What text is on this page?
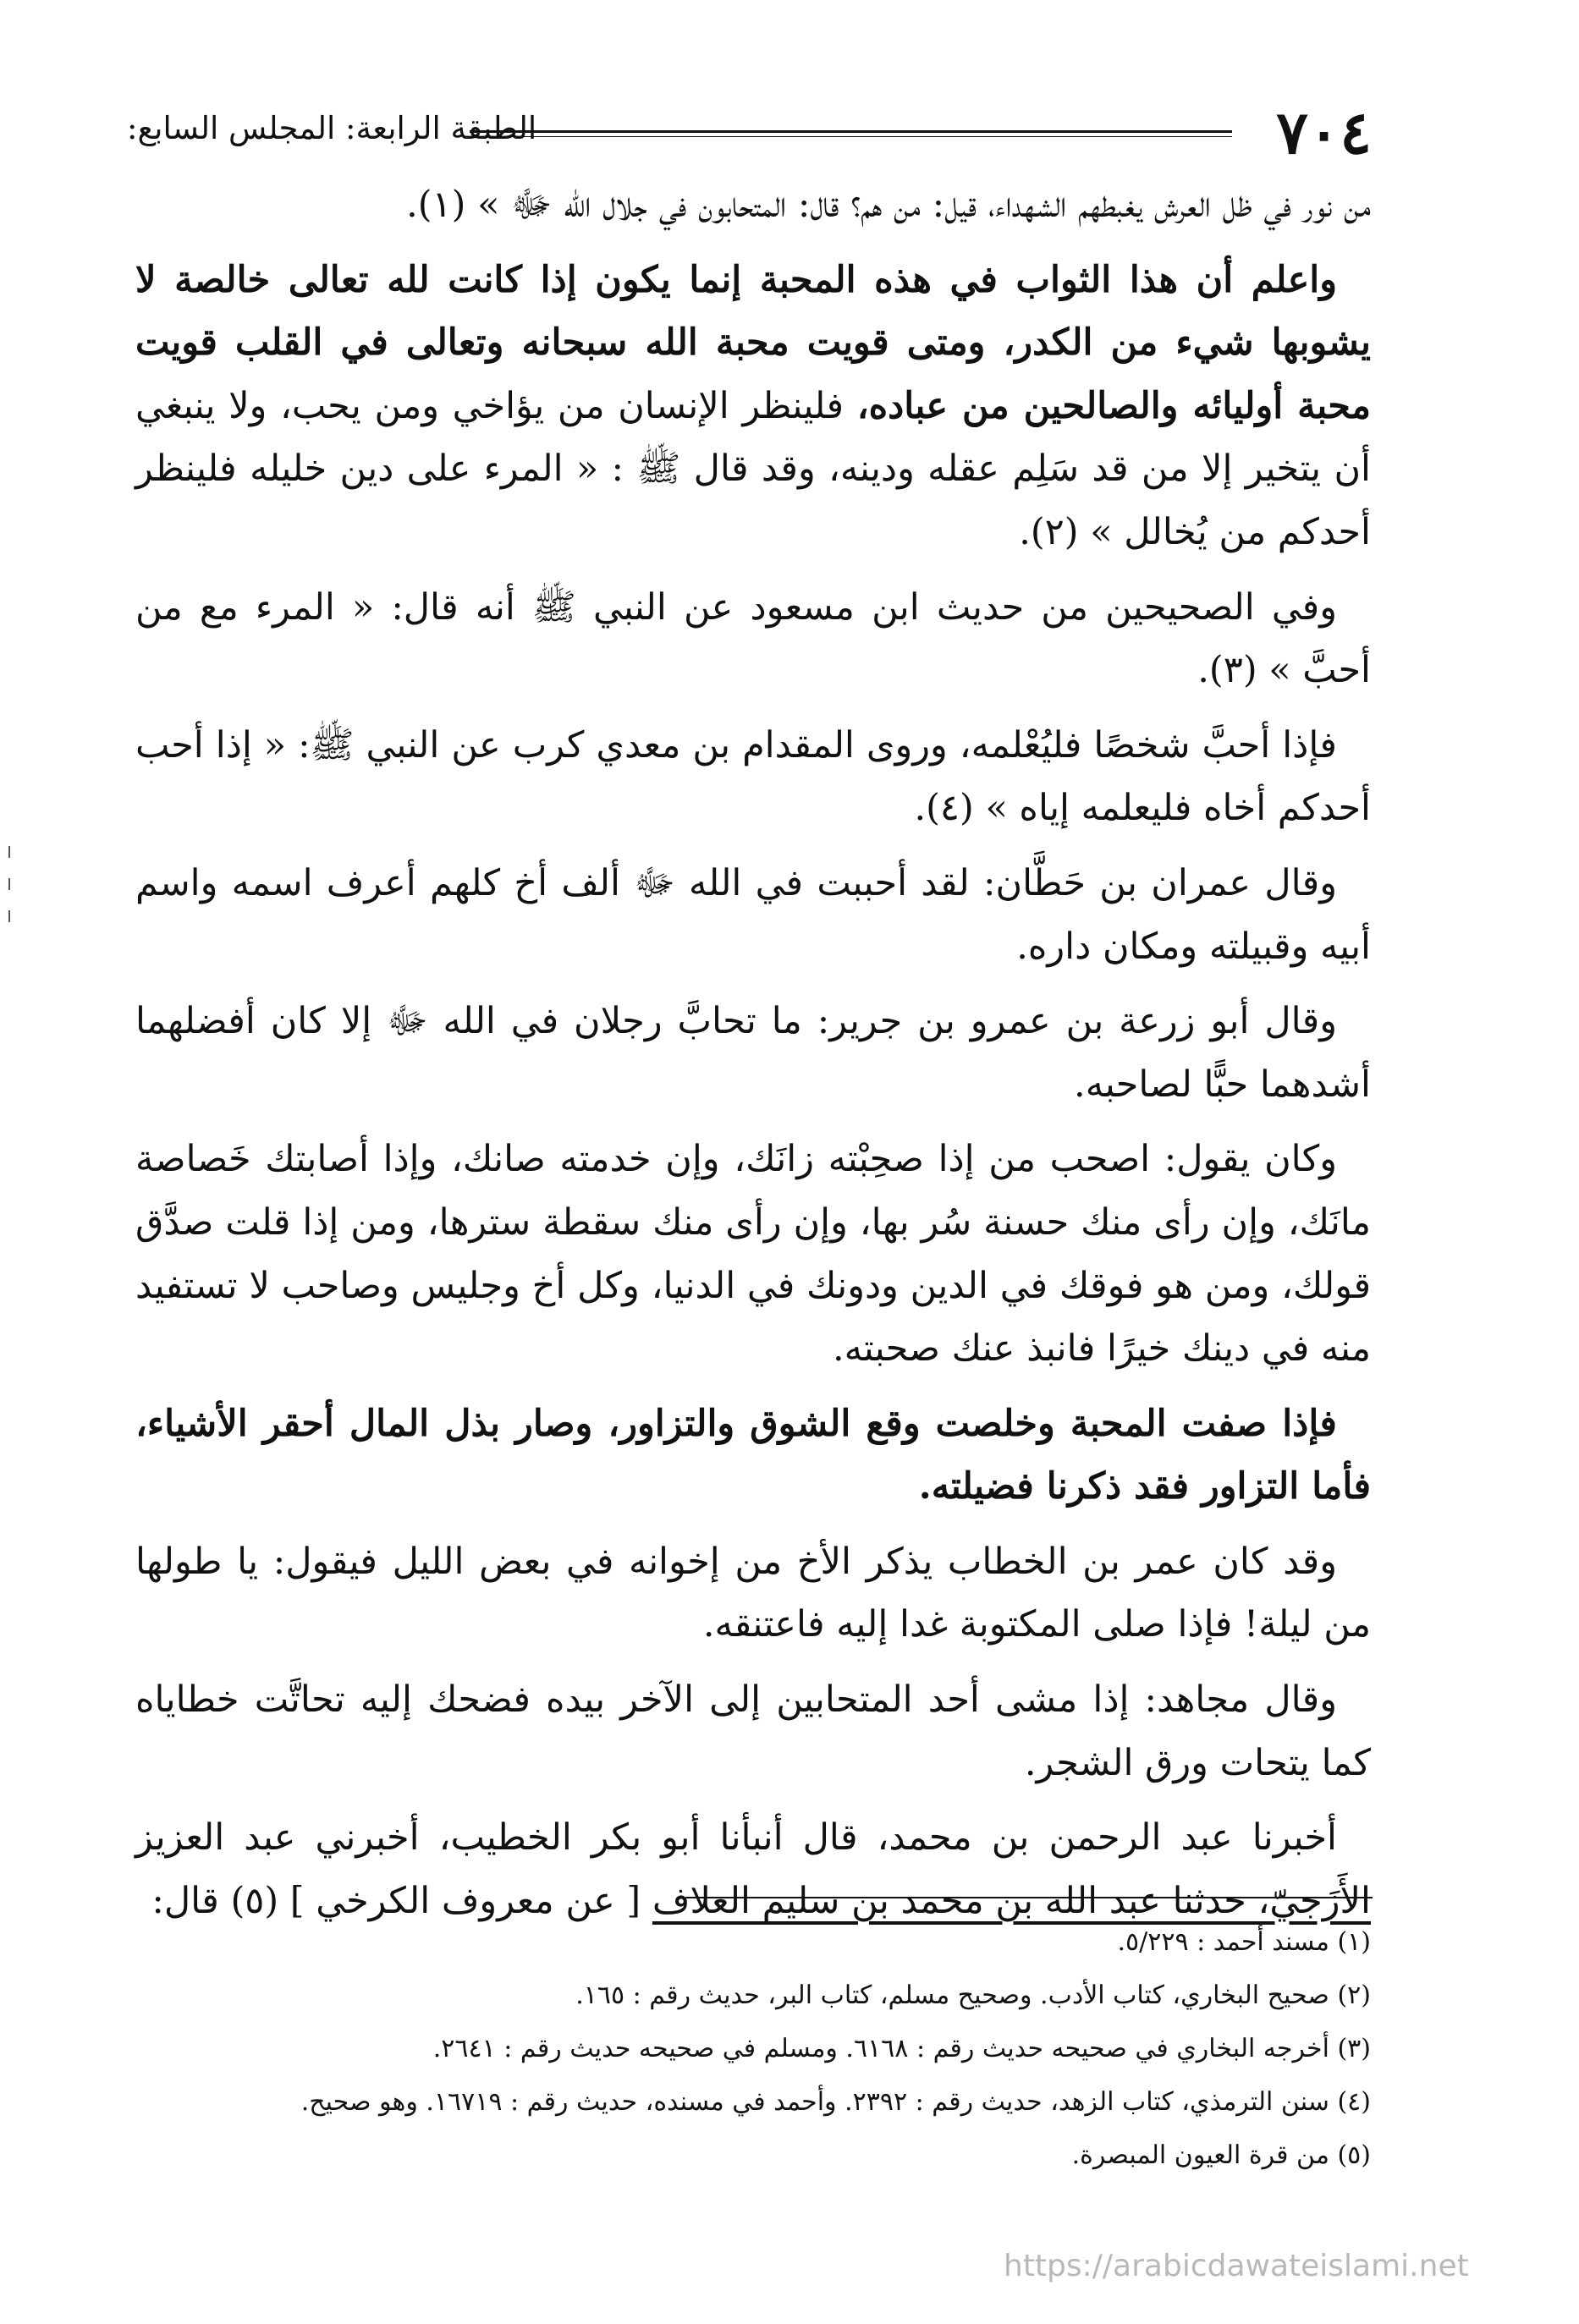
٧٠٤
الطبقة الرابعة: المجلس السابع:

من نور في ظل العرش يغبطهم الشهداء، قيل: من هم؟ قال: المتحابون في جلال الله ﷻ » (١).

واعلم أن هذا الثواب في هذه المحبة إنما يكون إذا كانت لله تعالى خالصة لا يشوبها شيء من الكدر، ومتى قويت محبة الله سبحانه وتعالى في القلب قويت محبة أوليائه والصالحين من عباده، فلينظر الإنسان من يؤاخي ومن يحب، ولا ينبغي أن يتخير إلا من قد سَلِم عقله ودينه، وقد قال ﷺ : « المرء على دين خليله فلينظر أحدكم من يُخالل » (٢).

وفي الصحيحين من حديث ابن مسعود عن النبي ﷺ أنه قال: « المرء مع من أحبَّ » (٣).

فإذا أحبَّ شخصًا فليُعْلمه، وروى المقدام بن معدي كرب عن النبي ﷺ: « إذا أحب أحدكم أخاه فليعلمه إياه » (٤).

وقال عمران بن حَطَّان: لقد أحببت في الله ﷻ ألف أخ كلهم أعرف اسمه واسم أبيه وقبيلته ومكان داره.

وقال أبو زرعة بن عمرو بن جرير: ما تحابَّ رجلان في الله ﷻ إلا كان أفضلهما أشدهما حبًّا لصاحبه.

وكان يقول: اصحب من إذا صحِبْته زانَك، وإن خدمته صانك، وإذا أصابتك خَصاصة مانَك، وإن رأى منك حسنة سُر بها، وإن رأى منك سقطة سترها، ومن إذا قلت صدَّق قولك، ومن هو فوقك في الدين ودونك في الدنيا، وكل أخ وجليس وصاحب لا تستفيد منه في دينك خيرًا فانبذ عنك صحبته.

فإذا صفت المحبة وخلصت وقع الشوق والتزاور، وصار بذل المال أحقر الأشياء، فأما التزاور فقد ذكرنا فضيلته.

وقد كان عمر بن الخطاب يذكر الأخ من إخوانه في بعض الليل فيقول: يا طولها من ليلة! فإذا صلى المكتوبة غدا إليه فاعتنقه.

وقال مجاهد: إذا مشى أحد المتحابين إلى الآخر بيده فضحك إليه تحاتَّت خطاياه كما يتحات ورق الشجر.

أخبرنا عبد الرحمن بن محمد، قال أنبأنا أبو بكر الخطيب، أخبرني عبد العزيز الأَزَجيّ، حدثنا عبد الله بن محمد بن سليم العلاف [ عن معروف الكرخي ] (٥) قال:

(١) مسند أحمد : ٥/٢٢٩.
(٢) صحيح البخاري، كتاب الأدب. وصحيح مسلم، كتاب البر، حديث رقم : ١٦٥.
(٣) أخرجه البخاري في صحيحه حديث رقم : ٦١٦٨. ومسلم في صحيحه حديث رقم : ٢٦٤١.
(٤) سنن الترمذي، كتاب الزهد، حديث رقم : ٢٣٩٢. وأحمد في مسنده، حديث رقم : ١٦٧١٩. وهو صحيح.
(٥) من قرة العيون المبصرة.
https://arabicdawateislami.net
